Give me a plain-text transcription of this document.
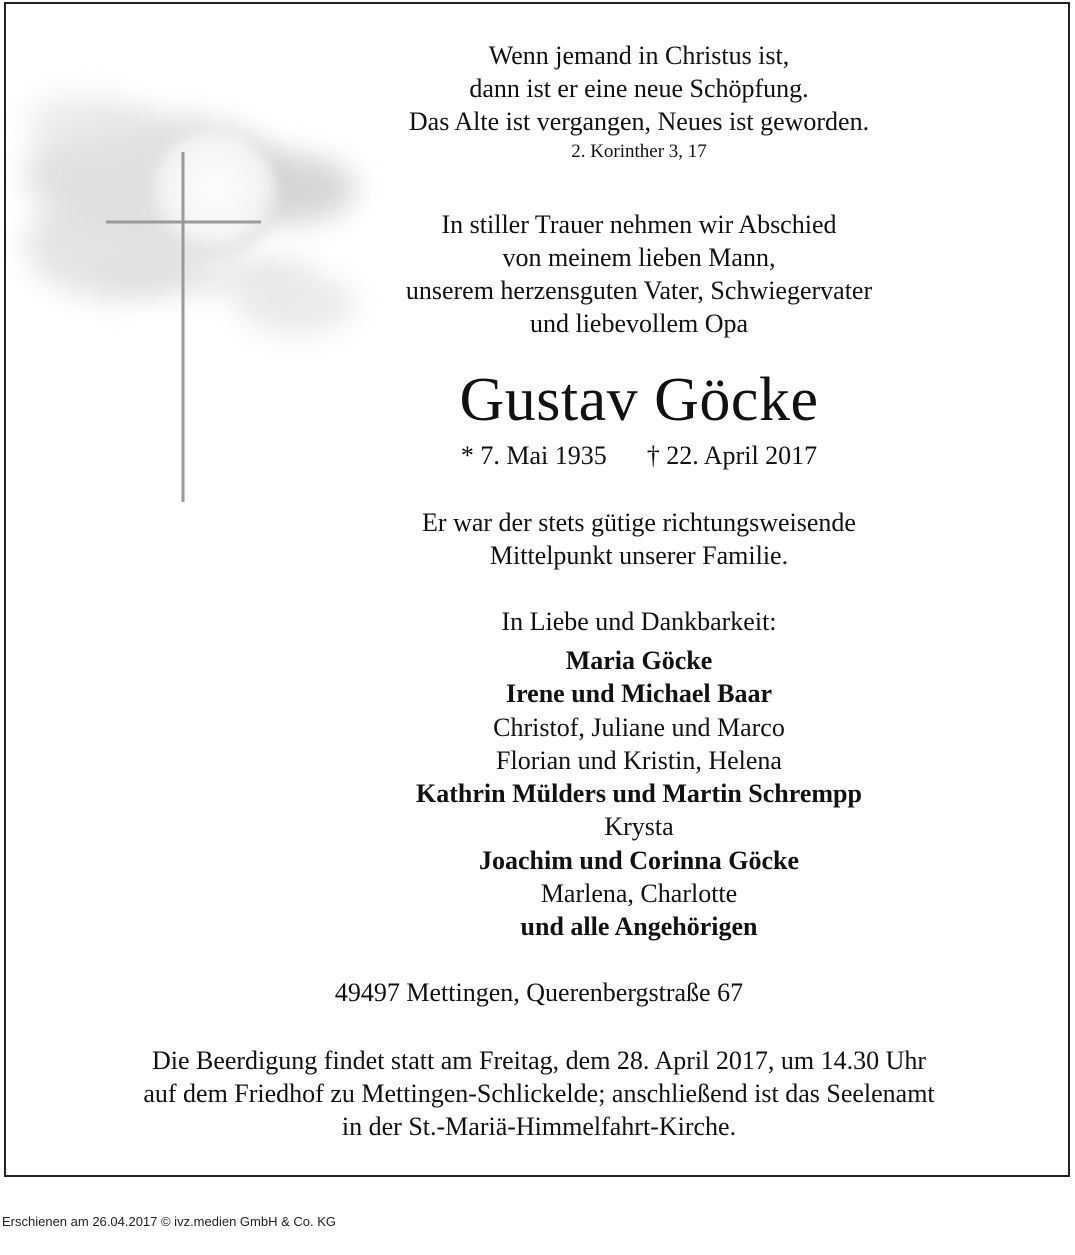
Wenn jemand in Christus ist,
dann ist er eine neue Schöpfung.
Das Alte ist vergangen, Neues ist geworden.
2. Korinther 3, 17
In stiller Trauer nehmen wir Abschied
von meinem lieben Mann,
unserem herzensguten Vater, Schwiegervater
und liebevollem Opa
Gustav Göcke
* 7. Mai 1935 † 22. April 2017
Er war der stets gütige richtungsweisende
Mittelpunkt unserer Familie.
In Liebe und Dankbarkeit:
Maria Göcke
Irene und Michael Baar
Christof, Juliane und Marco
Florian und Kristin, Helena
Kathrin Mülders und Martin Schrempp
Krysta
Joachim und Corinna Göcke
Marlena, Charlotte
und alle Angehörigen
49497 Mettingen, Querenbergstraße 67
Die Beerdigung findet statt am Freitag, dem 28. April 2017, um 14.30 Uhr
auf dem Friedhof zu Mettingen-Schlickelde; anschließend ist das Seelenamt
in der St.-Mariä-Himmelfahrt-Kirche.
Erschienen am 26.04.2017 © ivz.medien GmbH & Co. KG
